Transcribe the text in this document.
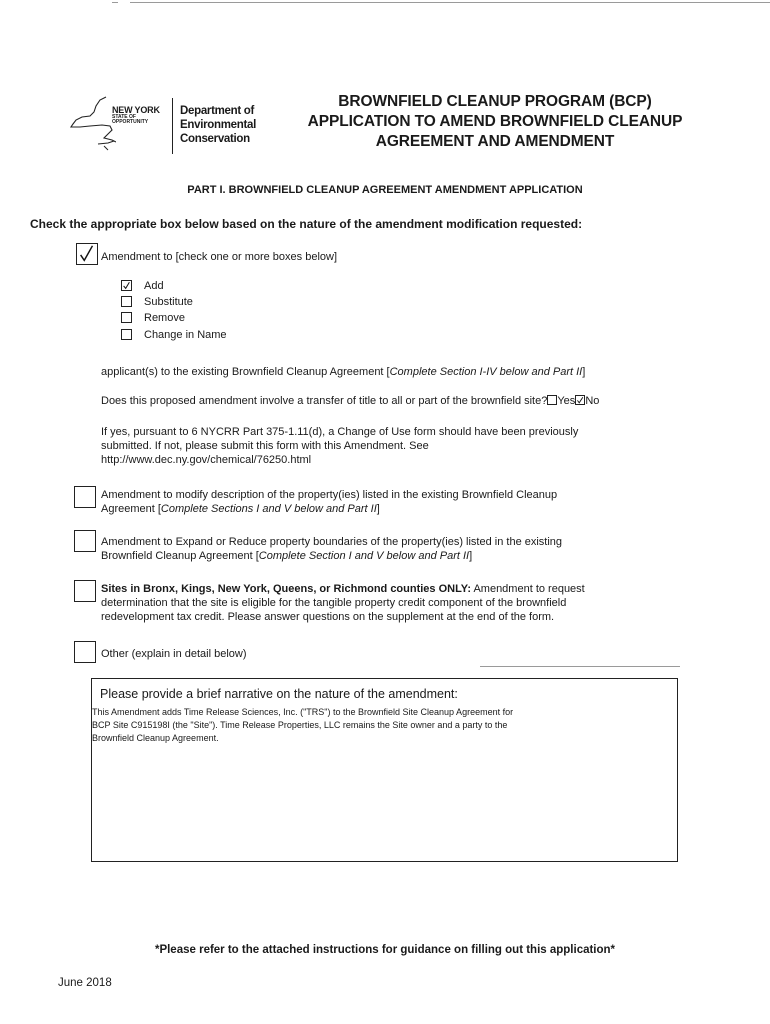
NEW YORK
STATE OF
OPPORTUNITY
Department of
Environmental
Conservation
BROWNFIELD CLEANUP PROGRAM (BCP)
APPLICATION TO AMEND BROWNFIELD CLEANUP
AGREEMENT AND AMENDMENT
PART I. BROWNFIELD CLEANUP AGREEMENT AMENDMENT APPLICATION
Check the appropriate box below based on the nature of the amendment modification requested:
Amendment to [check one or more boxes below]
Add
Substitute
Remove
Change in Name
applicant(s) to the existing Brownfield Cleanup Agreement [Complete Section I-IV below and Part II]
Does this proposed amendment involve a transfer of title to all or part of the brownfield site? Yes No
If yes, pursuant to 6 NYCRR Part 375-1.11(d), a Change of Use form should have been previously
submitted. If not, please submit this form with this Amendment. See
http://www.dec.ny.gov/chemical/76250.html
Amendment to modify description of the property(ies) listed in the existing Brownfield Cleanup
Agreement [Complete Sections I and V below and Part II]
Amendment to Expand or Reduce property boundaries of the property(ies) listed in the existing
Brownfield Cleanup Agreement [Complete Section I and V below and Part II]
Sites in Bronx, Kings, New York, Queens, or Richmond counties ONLY: Amendment to request
determination that the site is eligible for the tangible property credit component of the brownfield
redevelopment tax credit. Please answer questions on the supplement at the end of the form.
Other (explain in detail below)
Please provide a brief narrative on the nature of the amendment:
This Amendment adds Time Release Sciences, Inc. ("TRS") to the Brownfield Site Cleanup Agreement for
BCP Site C915198I (the "Site"). Time Release Properties, LLC remains the Site owner and a party to the
Brownfield Cleanup Agreement.
*Please refer to the attached instructions for guidance on filling out this application*
June 2018
